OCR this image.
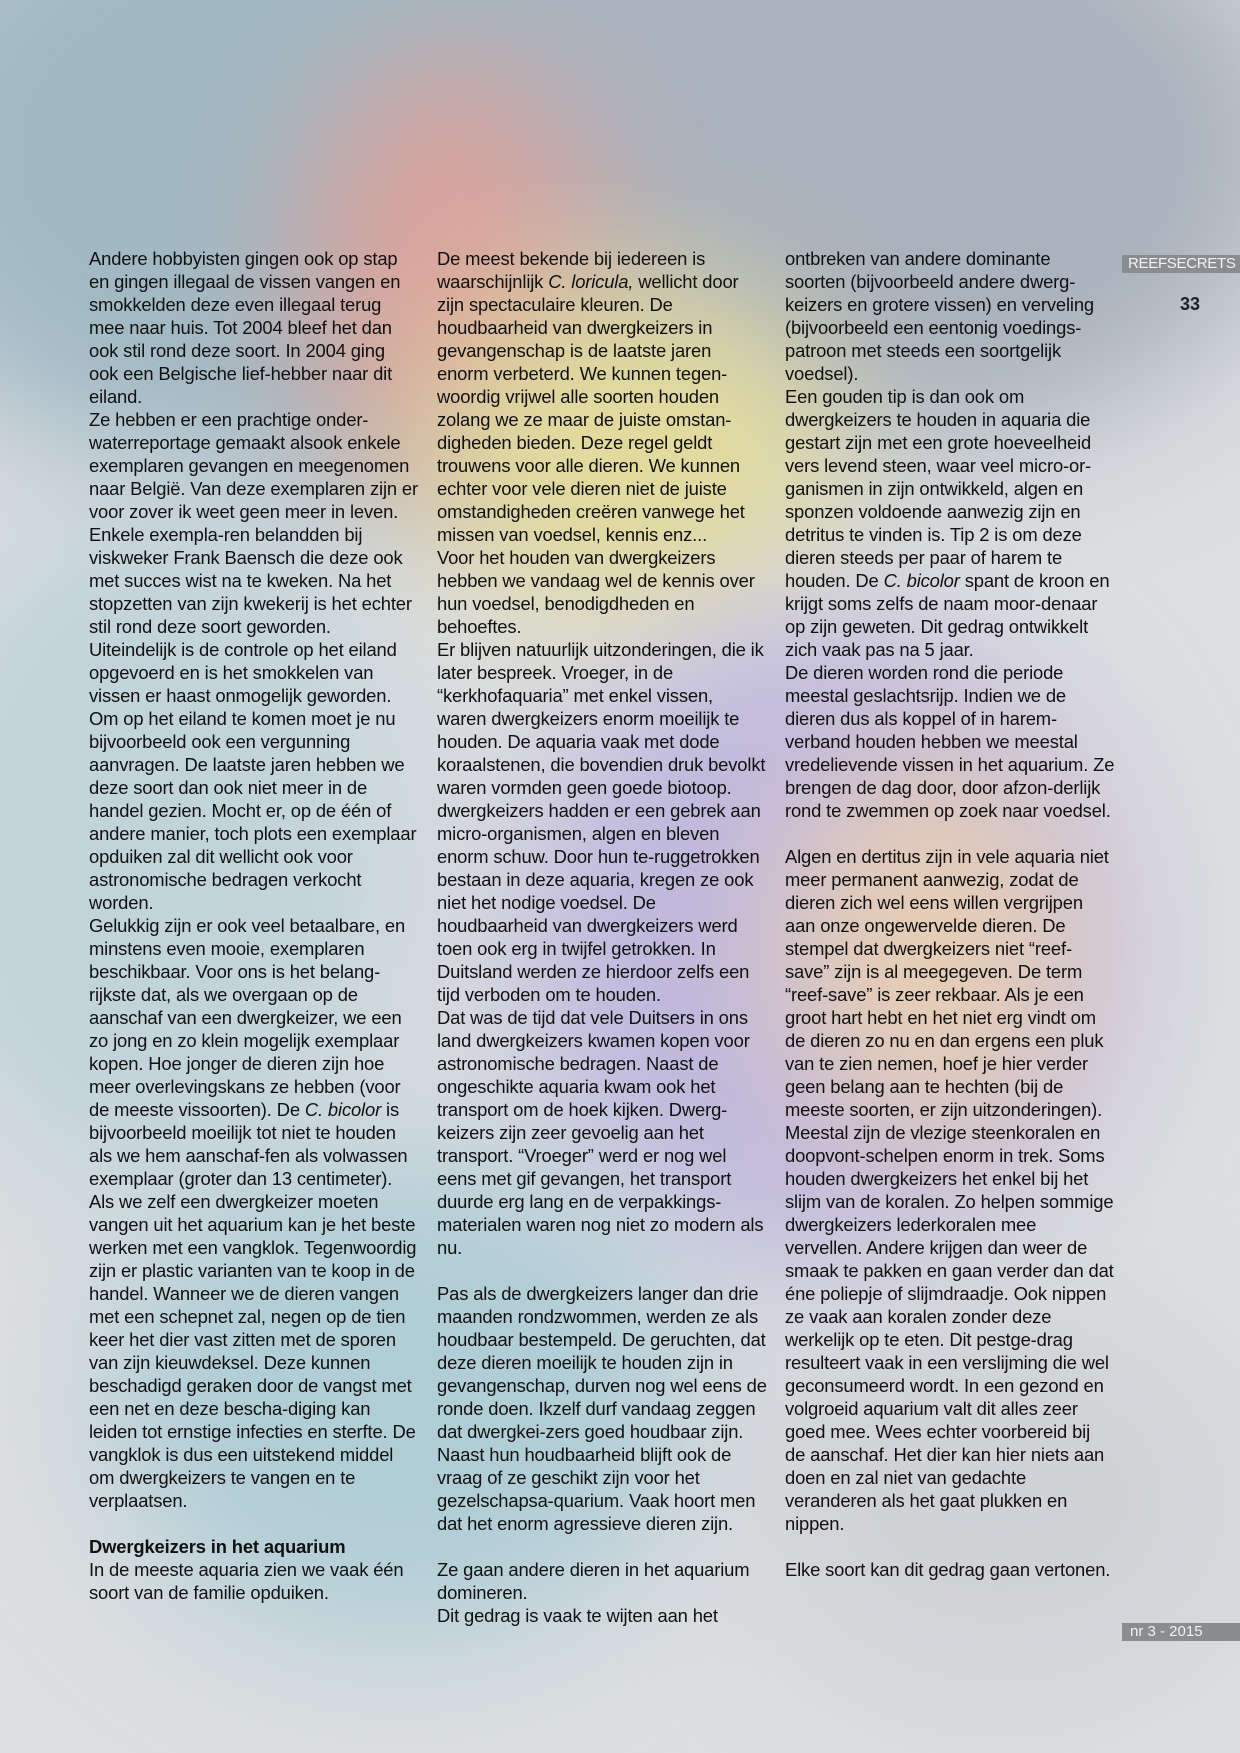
REEFSECRETS
33

Andere hobbyisten gingen ook op stap en gingen illegaal de vissen vangen en smokkelden deze even illegaal terug mee naar huis. Tot 2004 bleef het dan ook stil rond deze soort. In 2004 ging ook een Belgische lief-hebber naar dit eiland.

Ze hebben er een prachtige onder-waterreportage gemaakt alsook enkele exemplaren gevangen en meegenomen naar België. Van deze exemplaren zijn er voor zover ik weet geen meer in leven. Enkele exempla-ren belandden bij viskweker Frank Baensch die deze ook met succes wist na te kweken. Na het stopzetten van zijn kwekerij is het echter stil rond deze soort geworden. Uiteindelijk is de controle op het eiland opgevoerd en is het smokkelen van vissen er haast onmogelijk geworden. Om op het eiland te komen moet je nu bijvoorbeeld ook een vergunning aanvragen. De laatste jaren hebben we deze soort dan ook niet meer in de handel gezien. Mocht er, op de één of andere manier, toch plots een exemplaar opduiken zal dit wellicht ook voor astronomische bedragen verkocht worden.

Gelukkig zijn er ook veel betaalbare, en minstens even mooie, exemplaren beschikbaar. Voor ons is het belang-rijkste dat, als we overgaan op de aanschaf van een dwergkeizer, we een zo jong en zo klein mogelijk exemplaar kopen. Hoe jonger de dieren zijn hoe meer overlevingskans ze hebben (voor de meeste vissoorten). De C. bicolor is bijvoorbeeld moeilijk tot niet te houden als we hem aanschaf-fen als volwassen exemplaar (groter dan 13 centimeter). Als we zelf een dwergkeizer moeten vangen uit het aquarium kan je het beste werken met een vangklok. Tegenwoordig zijn er plastic varianten van te koop in de handel. Wanneer we de dieren vangen met een schepnet zal, negen op de tien keer het dier vast zitten met de sporen van zijn kieuwdeksel. Deze kunnen beschadigd geraken door de vangst met een net en deze bescha-diging kan leiden tot ernstige infecties en sterfte. De vangklok is dus een uitstekend middel om dwergkeizers te vangen en te verplaatsen.

Dwergkeizers in het aquarium

In de meeste aquaria zien we vaak één soort van de familie opduiken.

De meest bekende bij iedereen is waarschijnlijk C. loricula, wellicht door zijn spectaculaire kleuren. De houdbaarheid van dwergkeizers in gevangenschap is de laatste jaren enorm verbeterd. We kunnen tegen-woordig vrijwel alle soorten houden zolang we ze maar de juiste omstan-digheden bieden. Deze regel geldt trouwens voor alle dieren. We kunnen echter voor vele dieren niet de juiste omstandigheden creëren vanwege het missen van voedsel, kennis enz...

Voor het houden van dwergkeizers hebben we vandaag wel de kennis over hun voedsel, benodigdheden en behoeftes.

Er blijven natuurlijk uitzonderingen, die ik later bespreek. Vroeger, in de “kerkhofaquaria” met enkel vissen, waren dwergkeizers enorm moeilijk te houden. De aquaria vaak met dode koraalstenen, die bovendien druk bevolkt waren vormden geen goede biotoop. dwergkeizers hadden er een gebrek aan micro-organismen, algen en bleven enorm schuw. Door hun te-ruggetrokken bestaan in deze aquaria, kregen ze ook niet het nodige voedsel. De houdbaarheid van dwergkeizers werd toen ook erg in twijfel getrokken. In Duitsland werden ze hierdoor zelfs een tijd verboden om te houden.

Dat was de tijd dat vele Duitsers in ons land dwergkeizers kwamen kopen voor astronomische bedragen. Naast de ongeschikte aquaria kwam ook het transport om de hoek kijken. Dwerg-keizers zijn zeer gevoelig aan het transport. “Vroeger” werd er nog wel eens met gif gevangen, het transport duurde erg lang en de verpakkings-materialen waren nog niet zo modern als nu.

Pas als de dwergkeizers langer dan drie maanden rondzwommen, werden ze als houdbaar bestempeld. De geruchten, dat deze dieren moeilijk te houden zijn in gevangenschap, durven nog wel eens de ronde doen. Ikzelf durf vandaag zeggen dat dwergkei-zers goed houdbaar zijn. Naast hun houdbaarheid blijft ook de vraag of ze geschikt zijn voor het gezelschapsa-quarium. Vaak hoort men dat het enorm agressieve dieren zijn.

Ze gaan andere dieren in het aquarium domineren.

Dit gedrag is vaak te wijten aan het

ontbreken van andere dominante soorten (bijvoorbeeld andere dwerg-keizers en grotere vissen) en verveling (bijvoorbeeld een eentonig voedings-patroon met steeds een soortgelijk voedsel).

Een gouden tip is dan ook om dwergkeizers te houden in aquaria die gestart zijn met een grote hoeveelheid vers levend steen, waar veel micro-or-ganismen in zijn ontwikkeld, algen en sponzen voldoende aanwezig zijn en detritus te vinden is. Tip 2 is om deze dieren steeds per paar of harem te houden. De C. bicolor spant de kroon en krijgt soms zelfs de naam moor-denaar op zijn geweten. Dit gedrag ontwikkelt zich vaak pas na 5 jaar.

De dieren worden rond die periode meestal geslachtsrijp. Indien we de dieren dus als koppel of in harem-verband houden hebben we meestal vredelievende vissen in het aquarium. Ze brengen de dag door, door afzon-derlijk rond te zwemmen op zoek naar voedsel.

Algen en dertitus zijn in vele aquaria niet meer permanent aanwezig, zodat de dieren zich wel eens willen vergrijpen aan onze ongewervelde dieren. De stempel dat dwergkeizers niet “reef-save” zijn is al meegegeven. De term “reef-save” is zeer rekbaar. Als je een groot hart hebt en het niet erg vindt om de dieren zo nu en dan ergens een pluk van te zien nemen, hoef je hier verder geen belang aan te hechten (bij de meeste soorten, er zijn uitzonderingen). Meestal zijn de vlezige steenkoralen en doopvont-schelpen enorm in trek. Soms houden dwergkeizers het enkel bij het slijm van de koralen. Zo helpen sommige dwergkeizers lederkoralen mee vervellen. Andere krijgen dan weer de smaak te pakken en gaan verder dan dat éne poliepje of slijmdraadje. Ook nippen ze vaak aan koralen zonder deze werkelijk op te eten. Dit pestge-drag resulteert vaak in een verslijming die wel geconsumeerd wordt. In een gezond en volgroeid aquarium valt dit alles zeer goed mee. Wees echter voorbereid bij de aanschaf. Het dier kan hier niets aan doen en zal niet van gedachte veranderen als het gaat plukken en nippen.

Elke soort kan dit gedrag gaan vertonen.

nr 3 - 2015
